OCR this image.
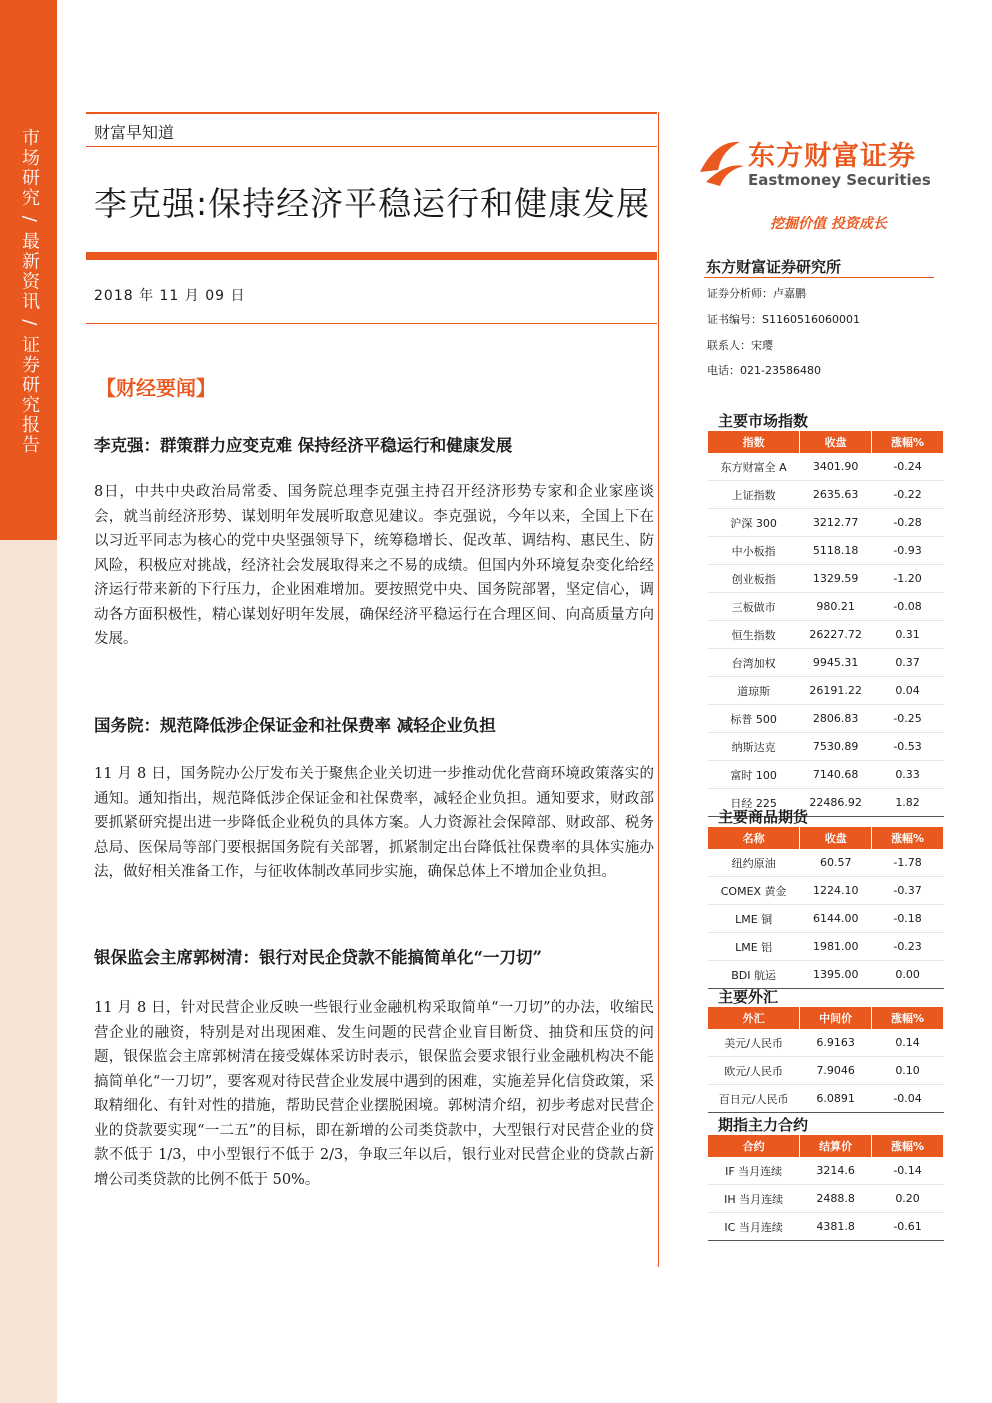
市场研究 / 最新资讯 / 证券研究报告	财富早知道
李克强:保持经济平稳运行和健康发展
2018 年 11 月 09 日
【财经要闻】
李克强：群策群力应变克难 保持经济平稳运行和健康发展
8日，中共中央政治局常委、国务院总理李克强主持召开经济形势专家和企业家座谈会，就当前经济形势、谋划明年发展听取意见建议。李克强说，今年以来，全国上下在以习近平同志为核心的党中央坚强领导下，统筹稳增长、促改革、调结构、惠民生、防风险，积极应对挑战，经济社会发展取得来之不易的成绩。但国内外环境复杂变化给经济运行带来新的下行压力，企业困难增加。要按照党中央、国务院部署，坚定信心，调动各方面积极性，精心谋划好明年发展，确保经济平稳运行在合理区间、向高质量方向发展。
国务院：规范降低涉企保证金和社保费率 减轻企业负担
11 月 8 日，国务院办公厅发布关于聚焦企业关切进一步推动优化营商环境政策落实的通知。通知指出，规范降低涉企保证金和社保费率，减轻企业负担。通知要求，财政部要抓紧研究提出进一步降低企业税负的具体方案。人力资源社会保障部、财政部、税务总局、医保局等部门要根据国务院有关部署，抓紧制定出台降低社保费率的具体实施办法，做好相关准备工作，与征收体制改革同步实施，确保总体上不增加企业负担。
银保监会主席郭树清：银行对民企贷款不能搞简单化“一刀切”
11 月 8 日，针对民营企业反映一些银行业金融机构采取简单“一刀切”的办法，收缩民营企业的融资，特别是对出现困难、发生问题的民营企业盲目断贷、抽贷和压贷的问题，银保监会主席郭树清在接受媒体采访时表示，银保监会要求银行业金融机构决不能搞简单化“一刀切”，要客观对待民营企业发展中遇到的困难，实施差异化信贷政策，采取精细化、有针对性的措施，帮助民营企业摆脱困境。郭树清介绍，初步考虑对民营企业的贷款要实现“一二五”的目标，即在新增的公司类贷款中，大型银行对民营企业的贷款不低于 1/3，中小型银行不低于 2/3，争取三年以后，银行业对民营企业的贷款占新增公司类贷款的比例不低于 50%。
东方财富证券
Eastmoney Securities
挖掘价值 投资成长
东方财富证券研究所
证券分析师：卢嘉鹏
证书编号：S1160516060001
联系人：宋璎
电话：021-23586480
主要市场指数
指数	收盘	涨幅%
东方财富全 A	3401.90	-0.24
上证指数	2635.63	-0.22
沪深 300	3212.77	-0.28
中小板指	5118.18	-0.93
创业板指	1329.59	-1.20
三板做市	980.21	-0.08
恒生指数	26227.72	0.31
台湾加权	9945.31	0.37
道琼斯	26191.22	0.04
标普 500	2806.83	-0.25
纳斯达克	7530.89	-0.53
富时 100	7140.68	0.33
日经 225	22486.92	1.82
主要商品期货
名称	收盘	涨幅%
纽约原油	60.57	-1.78
COMEX 黄金	1224.10	-0.37
LME 铜	6144.00	-0.18
LME 铝	1981.00	-0.23
BDI 航运	1395.00	0.00
主要外汇
外汇	中间价	涨幅%
美元/人民币	6.9163	0.14
欧元/人民币	7.9046	0.10
百日元/人民币	6.0891	-0.04
期指主力合约
合约	结算价	涨幅%
IF 当月连续	3214.6	-0.14
IH 当月连续	2488.8	0.20
IC 当月连续	4381.8	-0.61
